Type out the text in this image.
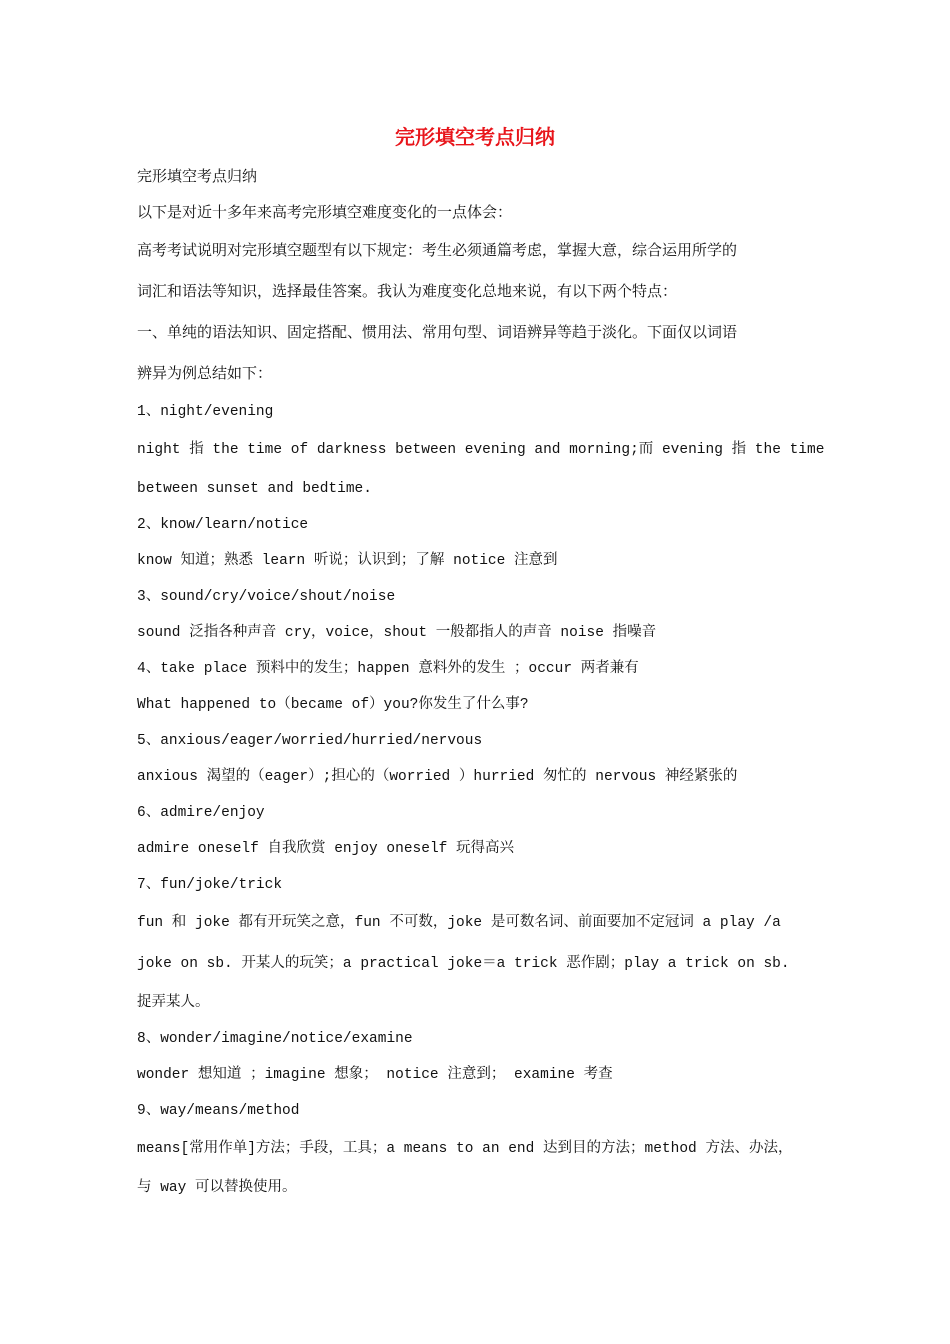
完形填空考点归纳

完形填空考点归纳

以下是对近十多年来高考完形填空难度变化的一点体会：

高考考试说明对完形填空题型有以下规定：考生必须通篇考虑，掌握大意，综合运用所学的

词汇和语法等知识，选择最佳答案。我认为难度变化总地来说，有以下两个特点：

一、单纯的语法知识、固定搭配、惯用法、常用句型、词语辨异等趋于淡化。下面仅以词语

辨异为例总结如下：

1、night/evening

night 指 the time of darkness between evening and morning;而 evening 指 the time

between sunset and bedtime.

2、know/learn/notice

know 知道；熟悉 learn 听说；认识到；了解 notice 注意到

3、sound/cry/voice/shout/noise

sound 泛指各种声音 cry，voice，shout 一般都指人的声音 noise 指噪音

4、take place 预料中的发生；happen 意料外的发生 ；occur 两者兼有

What happened to（became of）you?你发生了什么事?

5、anxious/eager/worried/hurried/nervous

anxious 渴望的（eager）;担心的（worried ）hurried 匆忙的 nervous 神经紧张的

6、admire/enjoy

admire oneself 自我欣赏 enjoy oneself 玩得高兴

7、fun/joke/trick

fun 和 joke 都有开玩笑之意，fun 不可数，joke 是可数名词、前面要加不定冠词 a play /a

joke on sb. 开某人的玩笑；a practical joke＝a trick 恶作剧；play a trick on sb.

捉弄某人。

8、wonder/imagine/notice/examine

wonder 想知道 ；imagine 想象； notice 注意到； examine 考查

9、way/means/method

means[常用作单]方法；手段，工具；a means to an end 达到目的方法；method 方法、办法，

与 way 可以替换使用。
